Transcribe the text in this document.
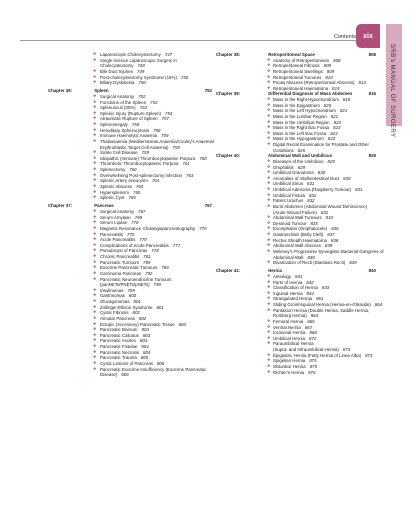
Contents xix
SRB's MANUAL OF SURGERY
❖ Laparoscopic Cholecystectomy 747
❖ Single Incision Laparoscopic Surgery in
Cholecystectomy 748
❖ Bile Duct Injuries 749
❖ Post-cholecystectomy Syndrome (15%) 750
❖ Biliary Dyskinesia 750
Chapter 36:	Spleen	752
❖ Surgical Anatomy 752
❖ Functions of the Spleen 753
❖ Splenunculi (30%) 753
❖ Splenic Injury (Rupture Spleen) 754
❖ Atraumatic Rupture of Spleen 757
❖ Splenomegaly 758
❖ Hereditary Spherocytosis 758
❖ Immune Haemolytic Anaemia 759
❖ Thalassaemia (Mediterranean Anaemia/Cooley's Anaemia/
Erythroblastic Target Cell Anaemia) 759
❖ Sickle Cell Disease 759
❖ Idiopathic (Immune) Thrombocytopaenic Purpura 760
❖ Thrombotic Thrombocytopaenic Purpura 761
❖ Splenectomy 762
❖ Overwhelming Post-splenectomy Infection 763
❖ Splenic Artery Aneurysm 764
❖ Splenic Abscess 764
❖ Hypersplenism 765
❖ Splenic Cyst 765
Chapter 37:	Pancreas	767
❖ Surgical Anatomy 767
❖ Serum Amylase 769
❖ Serum Lipase 770
❖ Magnetic Resonance Cholangiopancreatography 770
❖ Pancreatitis 770
❖ Acute Pancreatitis 770
❖ Complications of Acute Pancreatitis 777
❖ Pseudocyst of Pancreas 778
❖ Chronic Pancreatitis 781
❖ Pancreatic Tumours 789
❖ Exocrine Pancreatic Tumours 789
❖ Carcinoma Pancreas 792
❖ Pancreatic Neuroendocrine Tumours
(panNETs/PNETs/pNETs) 799
❖ Insulinomas 799
❖ Gastrinomas 800
❖ Glucagonomas 801
❖ Zollinger-Ellison Syndrome 801
❖ Cystic Fibrosis 802
❖ Annular Pancreas 802
❖ Ectopic (Accessory) Pancreatic Tissue 803
❖ Pancreatic Divisum 803
❖ Pancreatic Calculus 803
❖ Pancreatic Ascites 803
❖ Pancreatic Fistulae 804
❖ Pancreatic Necrosis 804
❖ Pancreatic Trauma 805
❖ Cystic Lesions of Pancreas 806
❖ Pancreatic Exocrine Insufficiency (Exocrine Pancreatic
Disease) 806
Chapter 38:	Retroperitoneal Space	808
❖ Anatomy of Retroperitoneum 808
❖ Retroperitoneal Fibrosis 809
❖ Retroperitoneal Swellings 809
❖ Retroperitoneal Tumours 810
❖ Psoas Abscess (Retroperitoneal Abscess) 813
❖ Retroperitoneal Haematoma 814
Chapter 39:	Differential Diagnosis of Mass Abdomen	816
❖ Mass in the Right Hypochondrium 818
❖ Mass in the Epigastrium 820
❖ Mass in the Left Hypochondrium 821
❖ Mass in the Lumbar Region 821
❖ Mass in the Umbilical Region 823
❖ Mass in the Right Iliac Fossa 823
❖ Mass in the Left Iliac Fossa 823
❖ Mass in the Hypogastrium 823
❖ Digital Rectal Examination for Prostate and Other
Conditions 825
Chapter 40:	Abdominal Wall and Umbilicus	829
❖ Diseases of the Umbilicus 829
❖ Omphalitis 829
❖ Umbilical Granuloma 830
❖ Anomalies of Vitellointestinal Duct 830
❖ Umbilical Sinus 831
❖ Umbilical Adenoma (Raspberry Tumour) 831
❖ Umbilical Fistula 832
❖ Patent Urachus 832
❖ Burst Abdomen (Abdominal Wound Dehiscence)
(Acute Wound Failure) 832
❖ Abdominal Wall Tumours 834
❖ Desmoid Tumour 835
❖ Exomphalos (Omphalocele) 836
❖ Gastroschisis (Belly Cleft) 837
❖ Rectus Sheath Haematoma 838
❖ Abdominal Wall Abscess 838
❖ Meleney's Progressive Synergistic Bacterial Gangrene of
Abdominal Wall 838
❖ Divarication of Recti (Diastasis Recti) 839
Chapter 41:	Hernia	840
❖ Aetiology 841
❖ Parts of Hernia 842
❖ Classification of Hernia 843
❖ Inguinal Hernia 844
❖ Strangulated Hernia 861
❖ Sliding Groin/Inguinal Hernia (Hernia-en-Glissade) 864
❖ Pantaloon Hernia (Double Hernia, Saddle Hernia,
Romberg Hernia) 864
❖ Femoral Hernia 865
❖ Ventral Hernia 867
❖ Incisional Hernia 868
❖ Umbilical Hernia 872
❖ Paraumbilical Hernia
(Supra- and Infraumbilical Hernia) 873
❖ Epigastric Hernia (Fatty Hernia of Linea Alba) 874
❖ Spigelian Hernia 875
❖ Obturator Hernia 875
❖ Richter's Hernia 876
